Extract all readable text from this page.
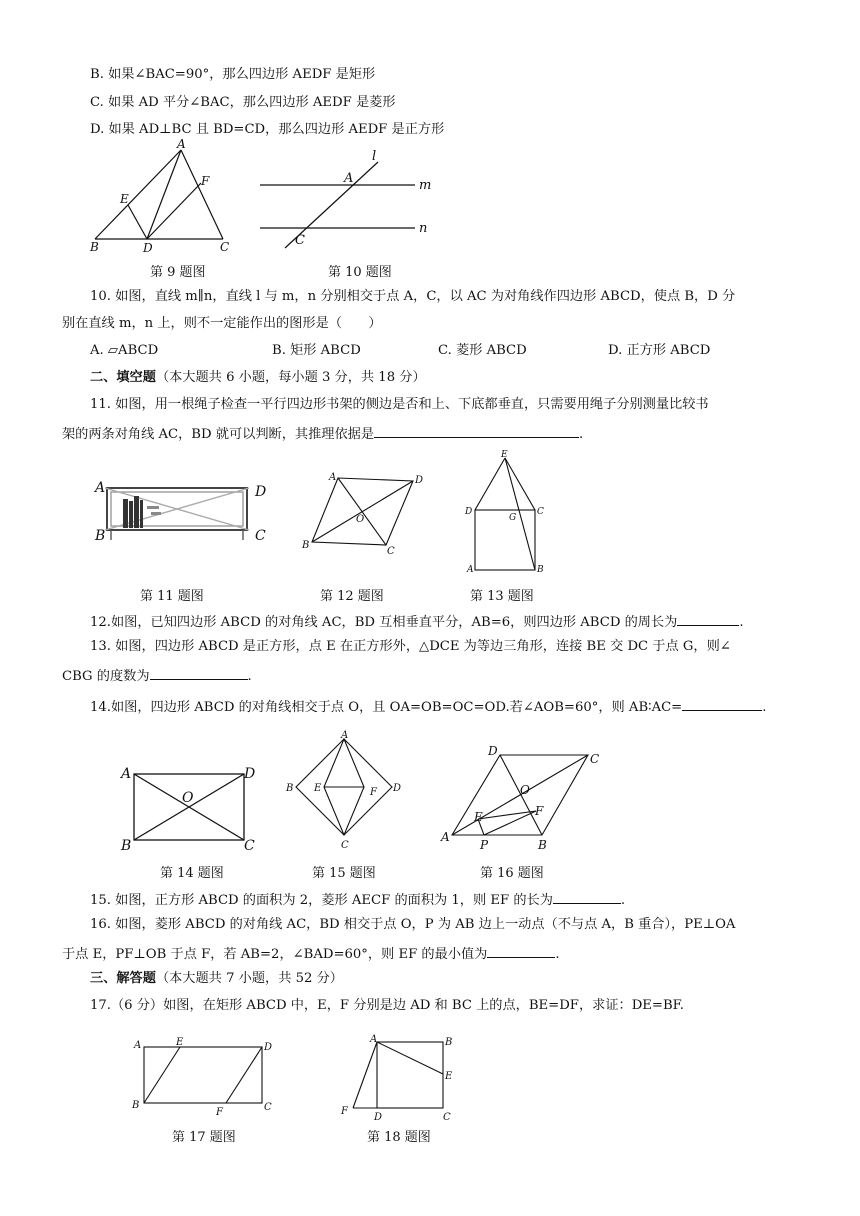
B. 如果∠BAC=90°，那么四边形 AEDF 是矩形
C. 如果 AD 平分∠BAC，那么四边形 AEDF 是菱形
D. 如果 AD⊥BC 且 BD=CD，那么四边形 AEDF 是正方形
A
E
F
B	D	C
第 9 题图
l
A	m
n
C
第 10 题图
10. 如图，直线 m∥n，直线 l 与 m，n 分别相交于点 A，C，以 AC 为对角线作四边形 ABCD，使点 B，D 分
别在直线 m，n 上，则不一定能作出的图形是（　　）
A. ▱ABCD	B. 矩形 ABCD	C. 菱形 ABCD	D. 正方形 ABCD
二、填空题（本大题共 6 小题，每小题 3 分，共 18 分）
11. 如图，用一根绳子检查一平行四边形书架的侧边是否和上、下底都垂直，只需要用绳子分别测量比较书
架的两条对角线 AC，BD 就可以判断，其推理依据是	.
A
B
D
C
第 11 题图
A	D
O
B
C
第 12 题图
E
D
G
C
A	B
第 13 题图
12.如图，已知四边形 ABCD 的对角线 AC，BD 互相垂直平分，AB=6，则四边形 ABCD 的周长为	.
13. 如图，四边形 ABCD 是正方形，点 E 在正方形外，△DCE 为等边三角形，连接 BE 交 DC 于点 G，则∠
CBG 的度数为	.
14.如图，四边形 ABCD 的对角线相交于点 O，且 OA=OB=OC=OD.若∠AOB=60°，则 AB∶AC=	.
A	D
O
B	C
第 14 题图
A
B E	F D
C
第 15 题图
D
C
O
F
E
A
P	B
第 16 题图
15. 如图，正方形 ABCD 的面积为 2，菱形 AECF 的面积为 1，则 EF 的长为	.
16. 如图，菱形 ABCD 的对角线 AC，BD 相交于点 O，P 为 AB 边上一动点（不与点 A，B 重合），PE⊥OA
于点 E，PF⊥OB 于点 F，若 AB=2，∠BAD=60°，则 EF 的最小值为	.
三、解答题（本大题共 7 小题，共 52 分）
17.（6 分）如图，在矩形 ABCD 中，E，F 分别是边 AD 和 BC 上的点，BE=DF，求证：DE=BF.
A	E	D
B
F	C
第 17 题图
A	B
E
F
D	C
第 18 题图
